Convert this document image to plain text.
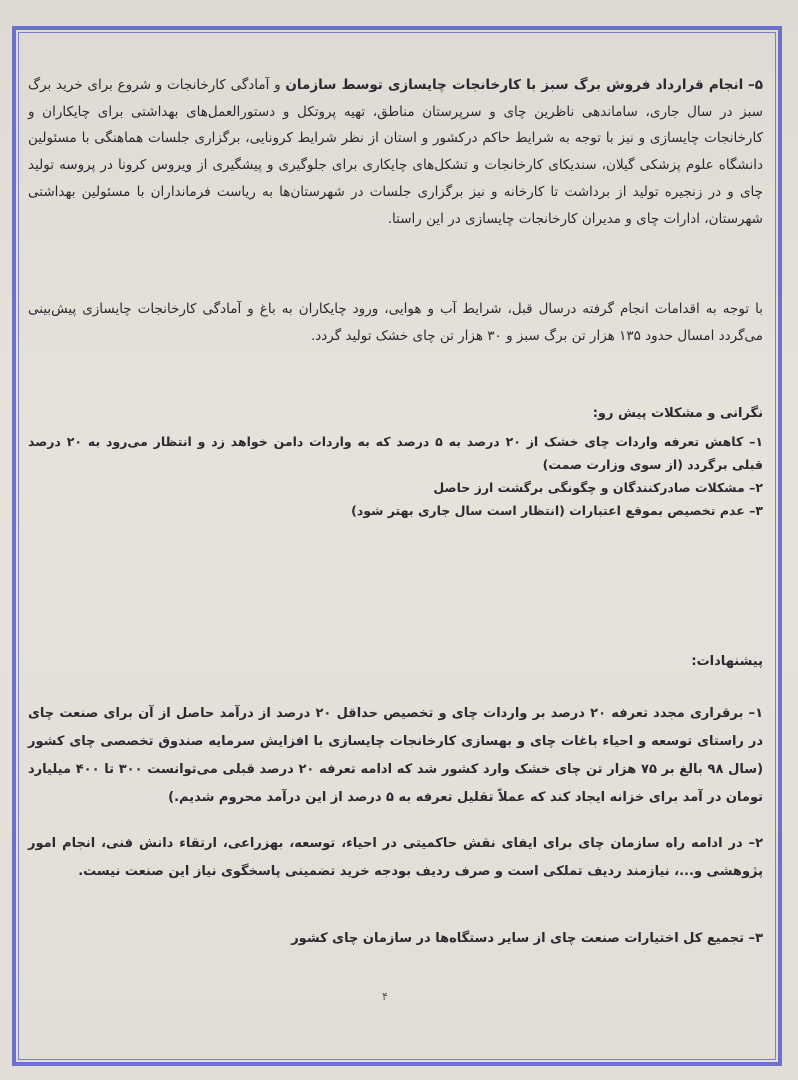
۵– انجام قرارداد فروش برگ سبز با کارخانجات چایسازی توسط سازمان و آمادگی کارخانجات و شروع برای خرید برگ سبز در سال جاری، ساماندهی ناظرین چای و سرپرستان مناطق، تهیه پروتکل و دستورالعمل‌های بهداشتی برای چایکاران و کارخانجات چایسازی و نیز با توجه به شرایط حاکم درکشور و استان از نظر شرایط کرونایی، برگزاری جلسات هماهنگی با مسئولین دانشگاه علوم پزشکی گیلان، سندیکای کارخانجات و تشکل‌های چایکاری برای جلوگیری و پیشگیری از ویروس کرونا در پروسه تولید چای و در زنجیره تولید از برداشت تا کارخانه و نیز برگزاری جلسات در شهرستان‌ها به ریاست فرمانداران با مسئولین بهداشتی شهرستان، ادارات چای و مدیران کارخانجات چایسازی در این راستا.

با توجه به اقدامات انجام گرفته درسال قبل، شرایط آب و هوایی، ورود چایکاران به باغ و آمادگی کارخانجات چایسازی پیش‌بینی می‌گردد امسال حدود ۱۳۵ هزار تن برگ سبز و ۳۰ هزار تن چای خشک تولید گردد.

نگرانی و مشکلات پیش رو:

۱– کاهش تعرفه واردات چای خشک از ۲۰ درصد به ۵ درصد که به واردات دامن خواهد زد و انتظار می‌رود به ۲۰ درصد قبلی برگردد (از سوی وزارت صمت)

۲– مشکلات صادرکنندگان و چگونگی برگشت ارز حاصل

۳– عدم تخصیص بموقع اعتبارات (انتظار است سال جاری بهتر شود)

پیشنهادات:

۱– برقراری مجدد تعرفه ۲۰ درصد بر واردات چای و تخصیص حداقل ۲۰ درصد از درآمد حاصل از آن برای صنعت چای در راستای توسعه و احیاء باغات چای و بهسازی کارخانجات چایسازی با افزایش سرمایه صندوق تخصصی چای کشور (سال ۹۸ بالغ بر ۷۵ هزار تن چای خشک وارد کشور شد که ادامه تعرفه ۲۰ درصد قبلی می‌توانست ۳۰۰ تا ۴۰۰ میلیارد تومان در آمد برای خزانه ایجاد کند که عملاً تقلیل تعرفه به ۵ درصد از این درآمد محروم شدیم.)

۲– در ادامه راه سازمان چای برای ایفای نقش حاکمیتی در احیاء، توسعه، بهزراعی، ارتقاء دانش فنی، انجام امور پژوهشی و...، نیازمند ردیف تملکی است و صرف ردیف بودجه خرید تضمینی پاسخگوی نیاز این صنعت نیست.

۳– تجمیع کل اختیارات صنعت چای از سایر دستگاه‌ها در سازمان چای کشور

۴
